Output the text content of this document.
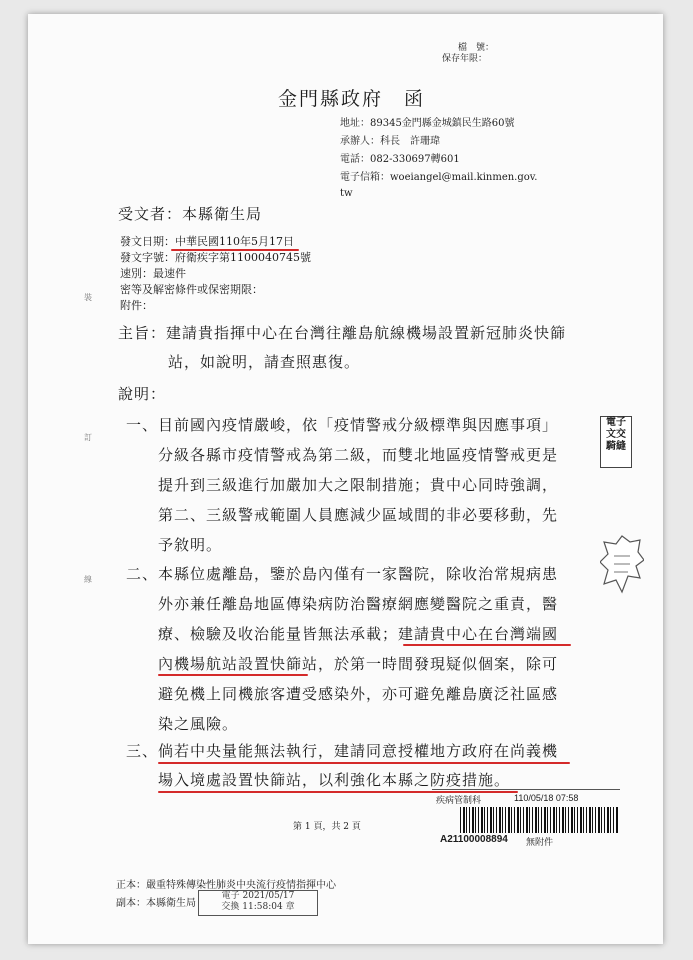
檔　號：
保存年限：
金門縣政府　函
地址：89345金門縣金城鎮民生路60號
承辦人：科長　許珊瑋
電話：082-330697轉601
電子信箱：woeiangel@mail.kinmen.gov.
tw
受文者：本縣衛生局
發文日期：中華民國110年5月17日
發文字號：府衛疾字第1100040745號
速別：最速件
密等及解密條件或保密期限：
附件：
主旨：建請貴指揮中心在台灣往離島航線機場設置新冠肺炎快篩
站，如說明，請查照惠復。
說明：
一、目前國內疫情嚴峻，依「疫情警戒分級標準與因應事項」
分級各縣市疫情警戒為第二級，而雙北地區疫情警戒更是
提升到三級進行加嚴加大之限制措施；貴中心同時強調，
第二、三級警戒範圍人員應減少區域間的非必要移動，先
予敘明。
二、本縣位處離島，鑒於島內僅有一家醫院，除收治常規病患
外亦兼任離島地區傳染病防治醫療網應變醫院之重責，醫
療、檢驗及收治能量皆無法承載；建請貴中心在台灣端國
內機場航站設置快篩站，於第一時間發現疑似個案，除可
避免機上同機旅客遭受感染外，亦可避免離島廣泛社區感
染之風險。
三、倘若中央量能無法執行，建請同意授權地方政府在尚義機
場入境處設置快篩站，以利強化本縣之防疫措施。
疾病管制科	110/05/18 07:58
A21100008894 無附件
第 1 頁，共 2 頁
正本：嚴重特殊傳染性肺炎中央流行疫情指揮中心
副本：本縣衛生局
電子 2021/05/17
交換 11:58:04 章
裝
訂
線
電子
文交
騎縫
